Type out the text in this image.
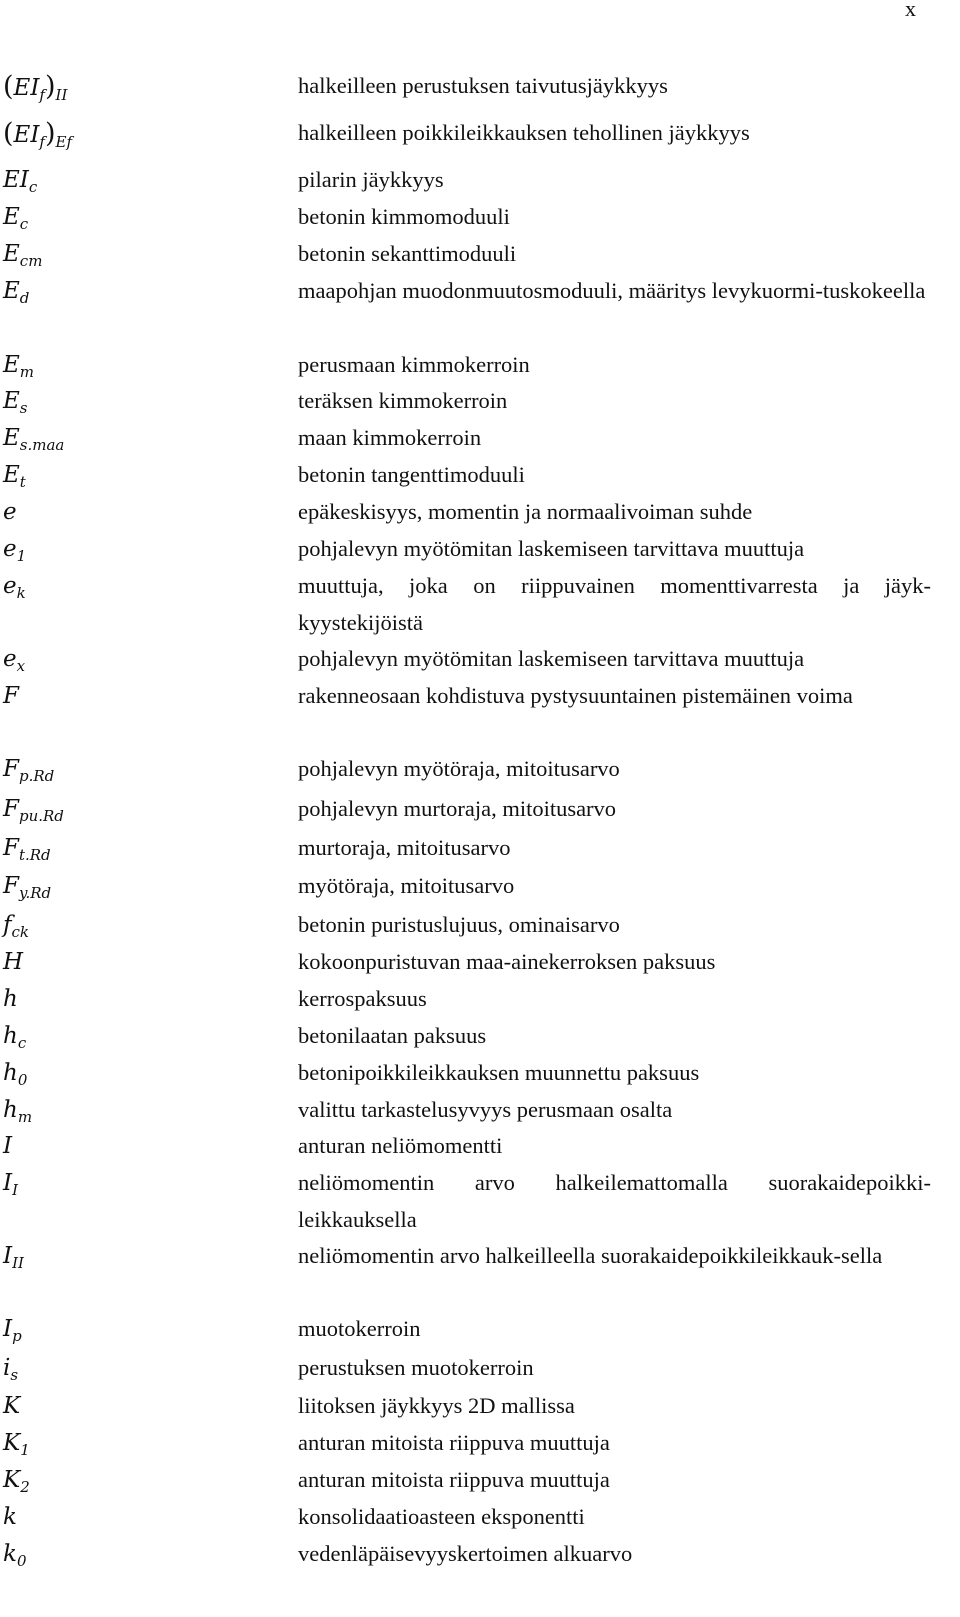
x
$(EI_f)_{II}$	halkeilleen perustuksen taivutusjäykkyys
$(EI_f)_{Ef}$	halkeilleen poikkileikkauksen tehollinen jäykkyys
$EI_c$	pilarin jäykkyys
$E_c$	betonin kimmomoduuli
$E_{cm}$	betonin sekanttimoduuli
$E_d$	maapohjan muodonmuutosmoduuli, määritys levykuormi-tuskokeella
$E_m$	perusmaan kimmokerroin
$E_s$	teräksen kimmokerroin
$E_{s.maa}$	maan kimmokerroin
$E_t$	betonin tangenttimoduuli
e	epäkeskisyys, momentin ja normaalivoiman suhde
$e_1$	pohjalevyn myötömitan laskemiseen tarvittava muuttuja
$e_k$	muuttuja, joka on riippuvainen momenttivarresta ja jäyk-kyystekijöistä
$e_x$	pohjalevyn myötömitan laskemiseen tarvittava muuttuja
F	rakenneosaan kohdistuva pystysuuntainen pistemäinen voima
$F_{p.Rd}$	pohjalevyn myötöraja, mitoitusarvo
$F_{pu.Rd}$	pohjalevyn murtoraja, mitoitusarvo
$F_{t.Rd}$	murtoraja, mitoitusarvo
$F_{y.Rd}$	myötöraja, mitoitusarvo
$f_{ck}$	betonin puristuslujuus, ominaisarvo
H	kokoonpuristuvan maa-ainekerroksen paksuus
h	kerrospaksuus
$h_c$	betonilaatan paksuus
$h_0$	betonipoikkileikkauksen muunnettu paksuus
$h_m$	valittu tarkastelusyvyys perusmaan osalta
I	anturan neliömomentti
$I_I$	neliömomentin arvo halkeilemattomalla suorakaidepoikki-leikkauksella
$I_{II}$	neliömomentin arvo halkeilleella suorakaidepoikkileikkauk-sella
$I_p$	muotokerroin
$i_s$	perustuksen muotokerroin
K	liitoksen jäykkyys 2D mallissa
$K_1$	anturan mitoista riippuva muuttuja
$K_2$	anturan mitoista riippuva muuttuja
k	konsolidaatioasteen eksponentti
$k_0$	vedenläpäisevyyskertoimen alkuarvo
